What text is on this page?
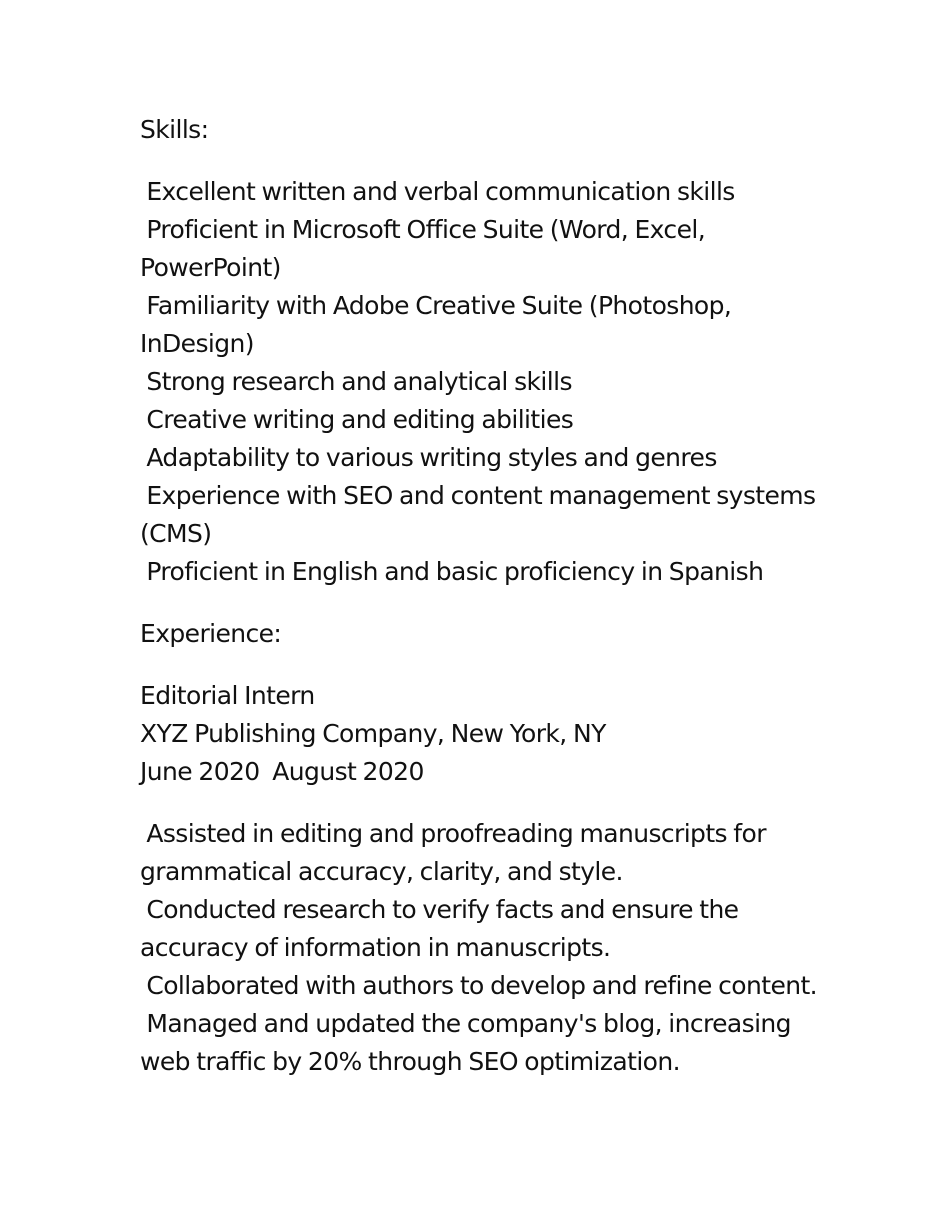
Skills:

Excellent written and verbal communication skills
Proficient in Microsoft Office Suite (Word, Excel, PowerPoint)
Familiarity with Adobe Creative Suite (Photoshop, InDesign)
Strong research and analytical skills
Creative writing and editing abilities
Adaptability to various writing styles and genres
Experience with SEO and content management systems (CMS)
Proficient in English and basic proficiency in Spanish

Experience:

Editorial Intern

XYZ Publishing Company, New York, NY

June 2020  August 2020

Assisted in editing and proofreading manuscripts for grammatical accuracy, clarity, and style.
Conducted research to verify facts and ensure the accuracy of information in manuscripts.
Collaborated with authors to develop and refine content.
Managed and updated the company's blog, increasing web traffic by 20% through SEO optimization.
